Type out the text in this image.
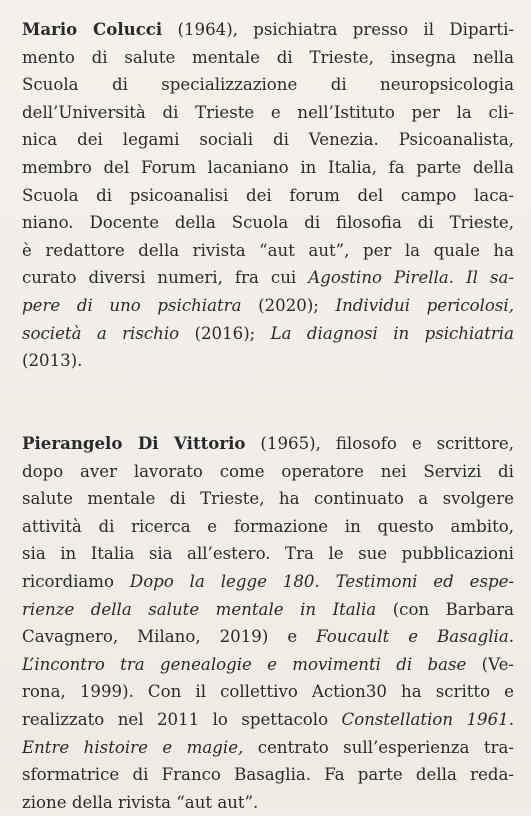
Mario Colucci (1964), psichiatra presso il Diparti-
mento di salute mentale di Trieste, insegna nella
Scuola di specializzazione di neuropsicologia
dell’Università di Trieste e nell’Istituto per la cli-
nica dei legami sociali di Venezia. Psicoanalista,
membro del Forum lacaniano in Italia, fa parte della
Scuola di psicoanalisi dei forum del campo laca-
niano. Docente della Scuola di filosofia di Trieste,
è redattore della rivista “aut aut”, per la quale ha
curato diversi numeri, fra cui Agostino Pirella. Il sa-
pere di uno psichiatra (2020); Individui pericolosi,
società a rischio (2016); La diagnosi in psichiatria
(2013).
Pierangelo Di Vittorio (1965), filosofo e scrittore,
dopo aver lavorato come operatore nei Servizi di
salute mentale di Trieste, ha continuato a svolgere
attività di ricerca e formazione in questo ambito,
sia in Italia sia all’estero. Tra le sue pubblicazioni
ricordiamo Dopo la legge 180. Testimoni ed espe-
rienze della salute mentale in Italia (con Barbara
Cavagnero, Milano, 2019) e Foucault e Basaglia.
L’incontro tra genealogie e movimenti di base (Ve-
rona, 1999). Con il collettivo Action30 ha scritto e
realizzato nel 2011 lo spettacolo Constellation 1961.
Entre histoire e magie, centrato sull’esperienza tra-
sformatrice di Franco Basaglia. Fa parte della reda-
zione della rivista “aut aut”.
